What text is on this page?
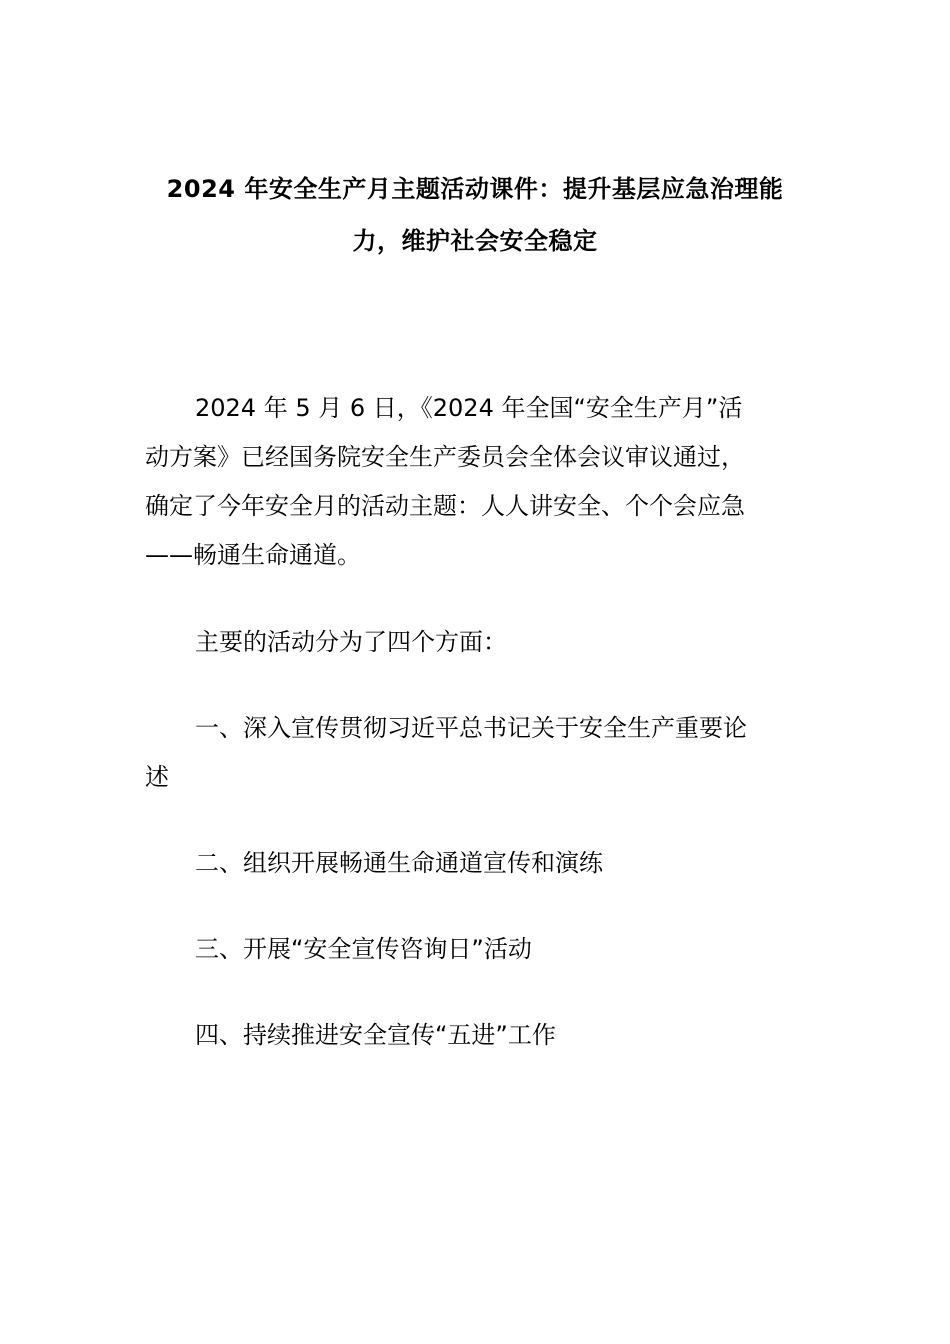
2024 年安全生产月主题活动课件：提升基层应急治理能
力，维护社会安全稳定
2024 年 5 月 6 日，《2024 年全国“安全生产月”活
动方案》已经国务院安全生产委员会全体会议审议通过，
确定了今年安全月的活动主题：人人讲安全、个个会应急
——畅通生命通道。
主要的活动分为了四个方面：
一、深入宣传贯彻习近平总书记关于安全生产重要论
述
二、组织开展畅通生命通道宣传和演练
三、开展“安全宣传咨询日”活动
四、持续推进安全宣传“五进”工作
